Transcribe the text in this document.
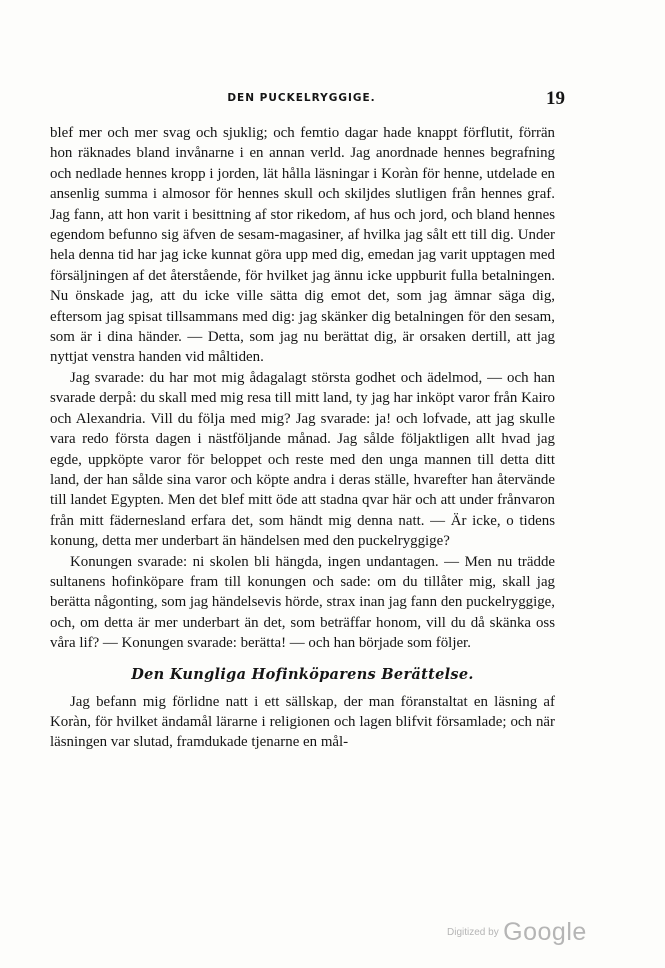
DEN PUCKELRYGGIGE.	19

blef mer och mer svag och sjuklig; och femtio dagar hade knappt förflutit, förrän hon räknades bland invånarne i en annan verld. Jag anordnade hennes begrafning och nedlade hennes kropp i jorden, lät hålla läsningar i Koràn för henne, utdelade en ansenlig summa i almosor för hennes skull och skiljdes slutligen från hennes graf. Jag fann, att hon varit i besittning af stor rikedom, af hus och jord, och bland hennes egendom befunno sig äfven de sesam-magasiner, af hvilka jag sålt ett till dig. Under hela denna tid har jag icke kunnat göra upp med dig, emedan jag varit upptagen med försäljningen af det återstående, för hvilket jag ännu icke uppburit fulla betalningen. Nu önskade jag, att du icke ville sätta dig emot det, som jag ämnar säga dig, eftersom jag spisat tillsammans med dig: jag skänker dig betalningen för den sesam, som är i dina händer. — Detta, som jag nu berättat dig, är orsaken dertill, att jag nyttjat venstra handen vid måltiden.

Jag svarade: du har mot mig ådagalagt största godhet och ädelmod, — och han svarade derpå: du skall med mig resa till mitt land, ty jag har inköpt varor från Kairo och Alexandria. Vill du följa med mig? Jag svarade: ja! och lofvade, att jag skulle vara redo första dagen i nästföljande månad. Jag sålde följaktligen allt hvad jag egde, uppköpte varor för beloppet och reste med den unga mannen till detta ditt land, der han sålde sina varor och köpte andra i deras ställe, hvarefter han återvände till landet Egypten. Men det blef mitt öde att stadna qvar här och att under frånvaron från mitt fädernesland erfara det, som händt mig denna natt. — Är icke, o tidens konung, detta mer underbart än händelsen med den puckelryggige?

Konungen svarade: ni skolen bli hängda, ingen undantagen. — Men nu trädde sultanens hofinköpare fram till konungen och sade: om du tillåter mig, skall jag berätta någonting, som jag händelsevis hörde, strax inan jag fann den puckelryggige, och, om detta är mer underbart än det, som beträffar honom, vill du då skänka oss våra lif? — Konungen svarade: berätta! — och han började som följer.

Den Kungliga Hofinköparens Berättelse.

Jag befann mig förlidne natt i ett sällskap, der man föranstaltat en läsning af Koràn, för hvilket ändamål lärarne i religionen och lagen blifvit församlade; och när läsningen var slutad, framdukade tjenarne en mål-

Digitized by Google
